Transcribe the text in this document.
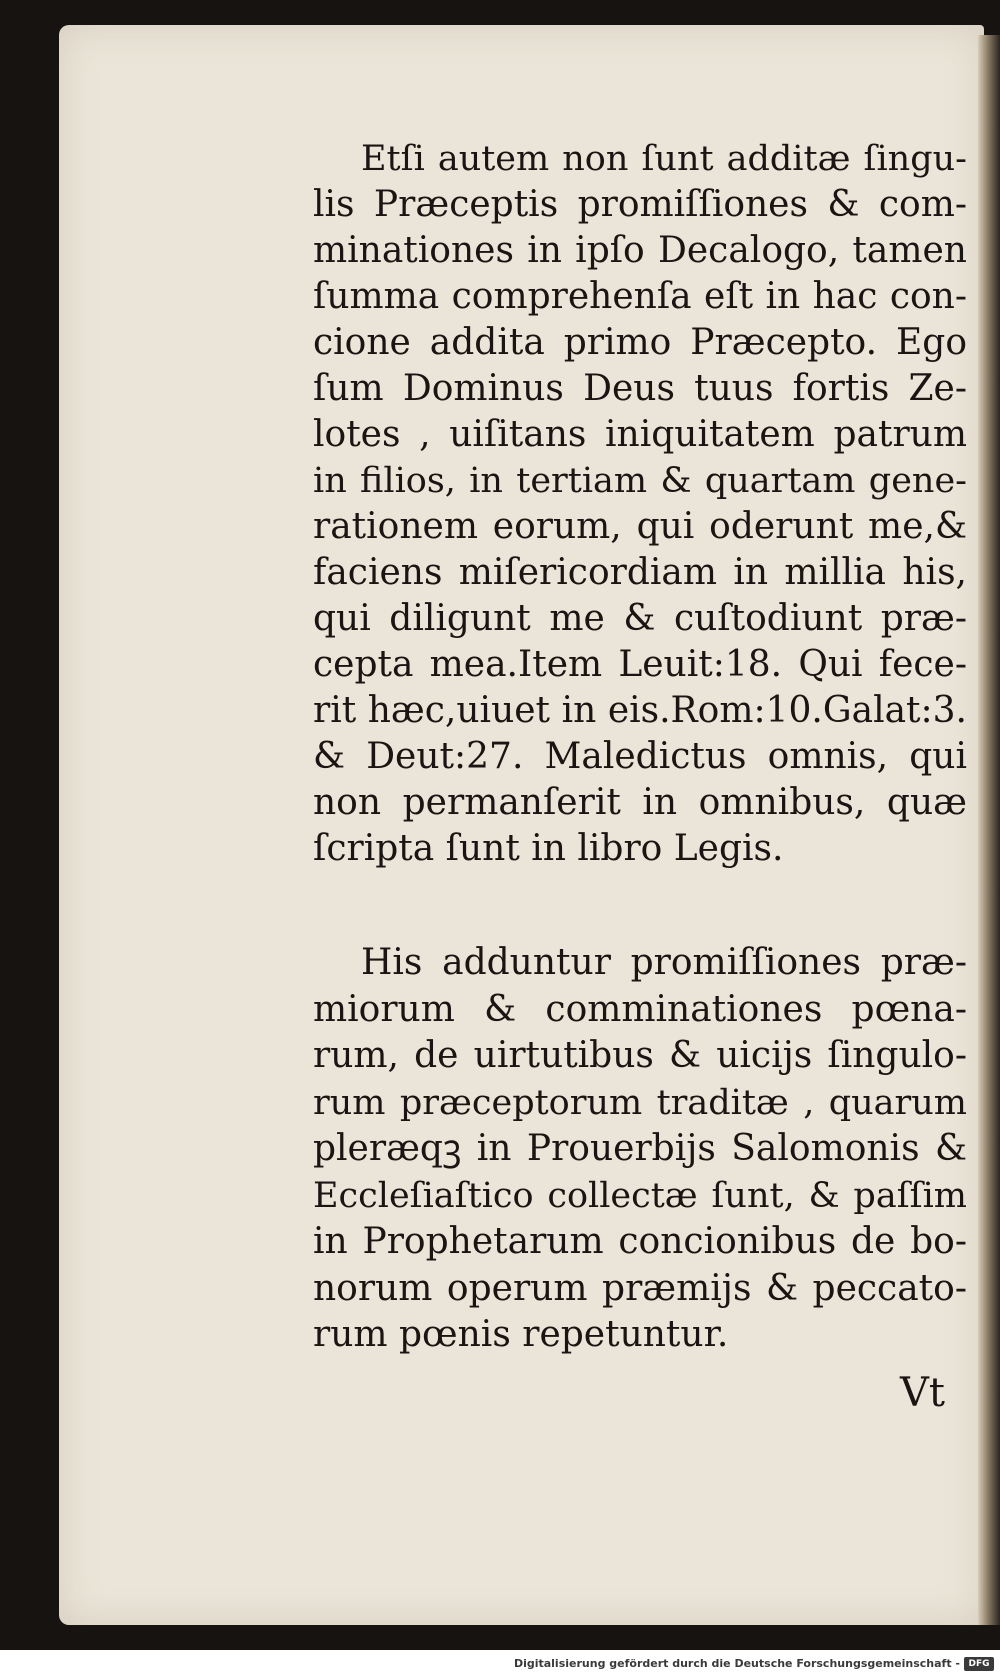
Etſi autem non ſunt additæ ſingu-
lis Præceptis promiſſiones & com-
minationes in ipſo Decalogo, tamen
ſumma comprehenſa eſt in hac con-
cione addita primo Præcepto. Ego
ſum Dominus Deus tuus fortis Ze-
lotes , uiſitans iniquitatem patrum
in filios, in tertiam & quartam gene-
rationem eorum, qui oderunt me,&
faciens miſericordiam in millia his,
qui diligunt me & cuſtodiunt præ-
cepta mea.Item Leuit:18. Qui fece-
rit hæc,uiuet in eis.Rom:10.Galat:3.
& Deut:27. Maledictus omnis, qui
non permanſerit in omnibus, quæ
ſcripta ſunt in libro Legis.
His adduntur promiſſiones præ-
miorum & comminationes pœna-
rum, de uirtutibus & uicijs ſingulo-
rum præceptorum traditæ , quarum
pleræqꝫ in Prouerbijs Salomonis &
Eccleſiaſtico collectæ ſunt, & paſſim
in Prophetarum concionibus de bo-
norum operum præmijs & peccato-
rum pœnis repetuntur.
Vt
Digitalisierung gefördert durch die Deutsche Forschungsgemeinschaft - DFG
